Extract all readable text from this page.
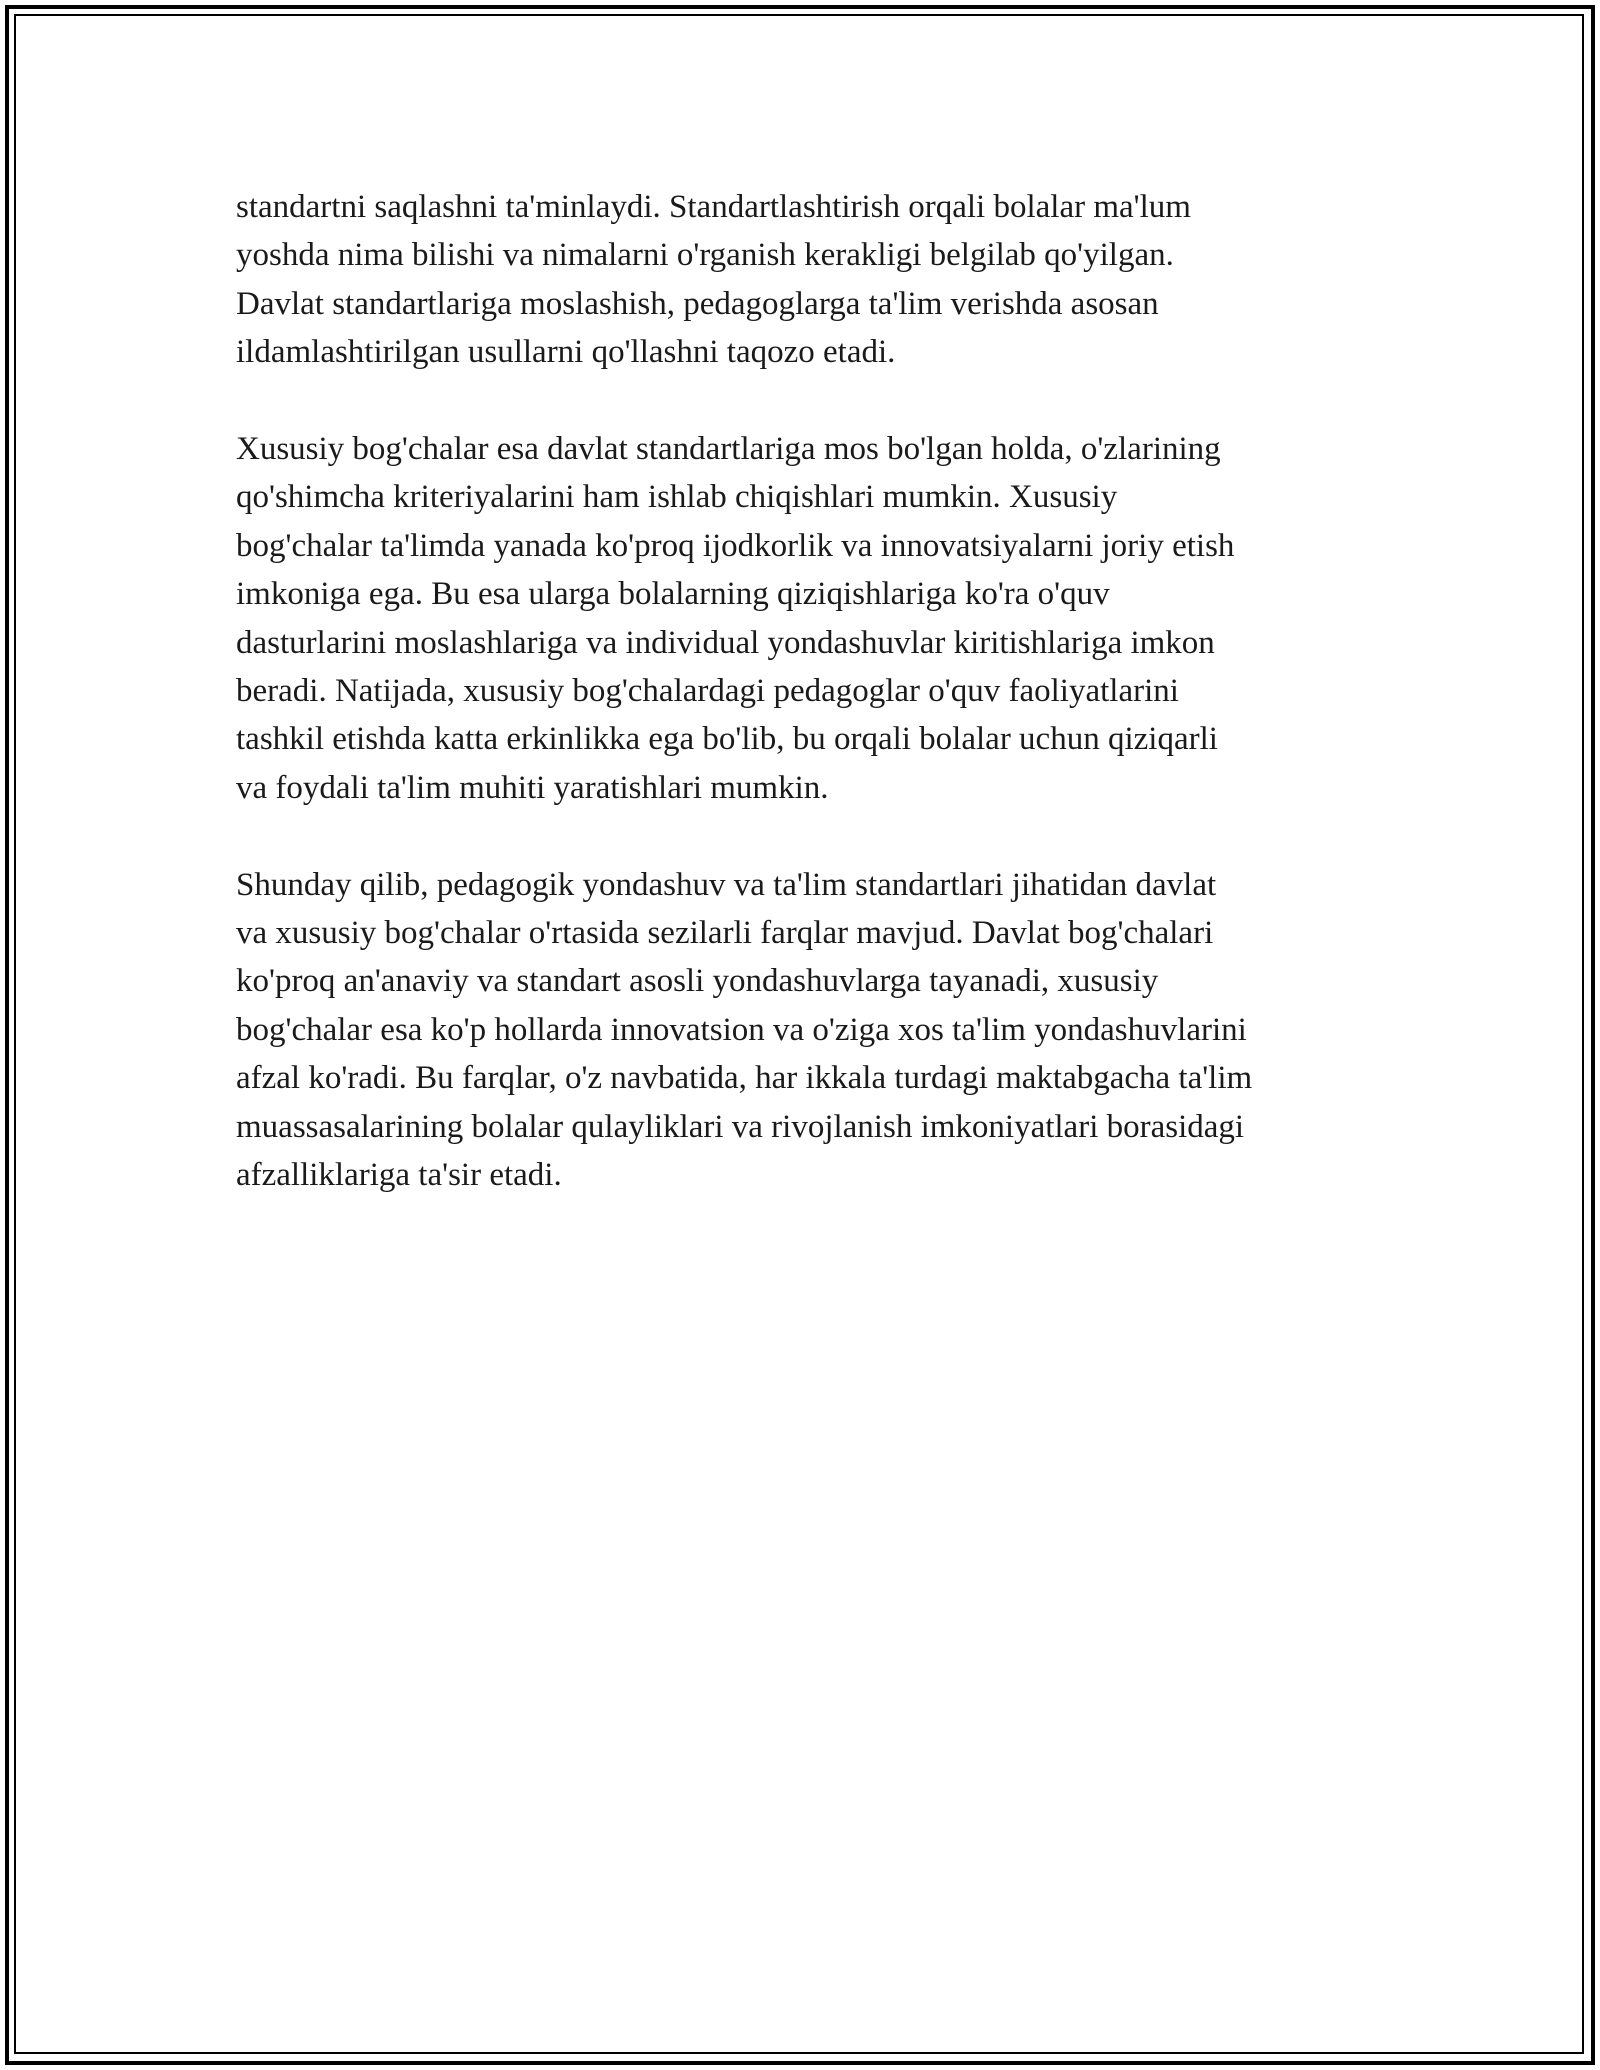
standartni saqlashni ta'minlaydi. Standartlashtirish orqali bolalar ma'lum
yoshda nima bilishi va nimalarni o'rganish kerakligi belgilab qo'yilgan.
Davlat standartlariga moslashish, pedagoglarga ta'lim verishda asosan
ildamlashtirilgan usullarni qo'llashni taqozo etadi.

Xususiy bog'chalar esa davlat standartlariga mos bo'lgan holda, o'zlarining
qo'shimcha kriteriyalarini ham ishlab chiqishlari mumkin. Xususiy
bog'chalar ta'limda yanada ko'proq ijodkorlik va innovatsiyalarni joriy etish
imkoniga ega. Bu esa ularga bolalarning qiziqishlariga ko'ra o'quv
dasturlarini moslashlariga va individual yondashuvlar kiritishlariga imkon
beradi. Natijada, xususiy bog'chalardagi pedagoglar o'quv faoliyatlarini
tashkil etishda katta erkinlikka ega bo'lib, bu orqali bolalar uchun qiziqarli
va foydali ta'lim muhiti yaratishlari mumkin.

Shunday qilib, pedagogik yondashuv va ta'lim standartlari jihatidan davlat
va xususiy bog'chalar o'rtasida sezilarli farqlar mavjud. Davlat bog'chalari
ko'proq an'anaviy va standart asosli yondashuvlarga tayanadi, xususiy
bog'chalar esa ko'p hollarda innovatsion va o'ziga xos ta'lim yondashuvlarini
afzal ko'radi. Bu farqlar, o'z navbatida, har ikkala turdagi maktabgacha ta'lim
muassasalarining bolalar qulayliklari va rivojlanish imkoniyatlari borasidagi
afzalliklariga ta'sir etadi.
